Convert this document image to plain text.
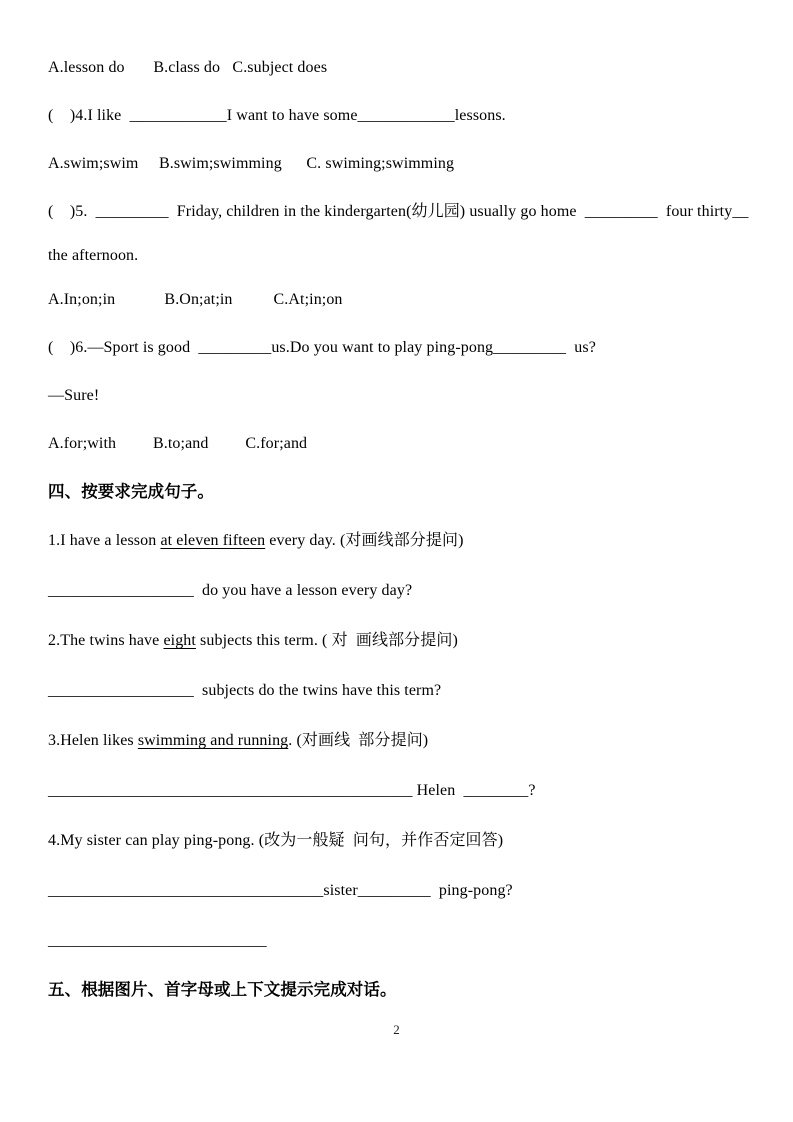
A.lesson do       B.class do   C.subject does
(    )4.I like  ____________I want to have some____________lessons.
A.swim;swim     B.swim;swimming      C. swiming;swimming
(    )5.  _________  Friday, children in the kindergarten(幼儿园) usually go home  _________  four thirty__
the afternoon.
A.In;on;in            B.On;at;in          C.At;in;on
(    )6.—Sport is good  _________us.Do you want to play ping-pong_________  us?
—Sure!
A.for;with         B.to;and         C.for;and
四、按要求完成句子。
1.I have a lesson at eleven fifteen every day. (对画线部分提问)
__________________  do you have a lesson every day?
2.The twins have eight subjects this term. ( 对  画线部分提问)
__________________  subjects do the twins have this term?
3.Helen likes swimming and running. (对画线  部分提问)
_____________________________________________ Helen  ________?
4.My sister can play ping-pong. (改为一般疑  问句，并作否定回答)
__________________________________sister_________  ping-pong?
___________________________
五、根据图片、首字母或上下文提示完成对话。
2
